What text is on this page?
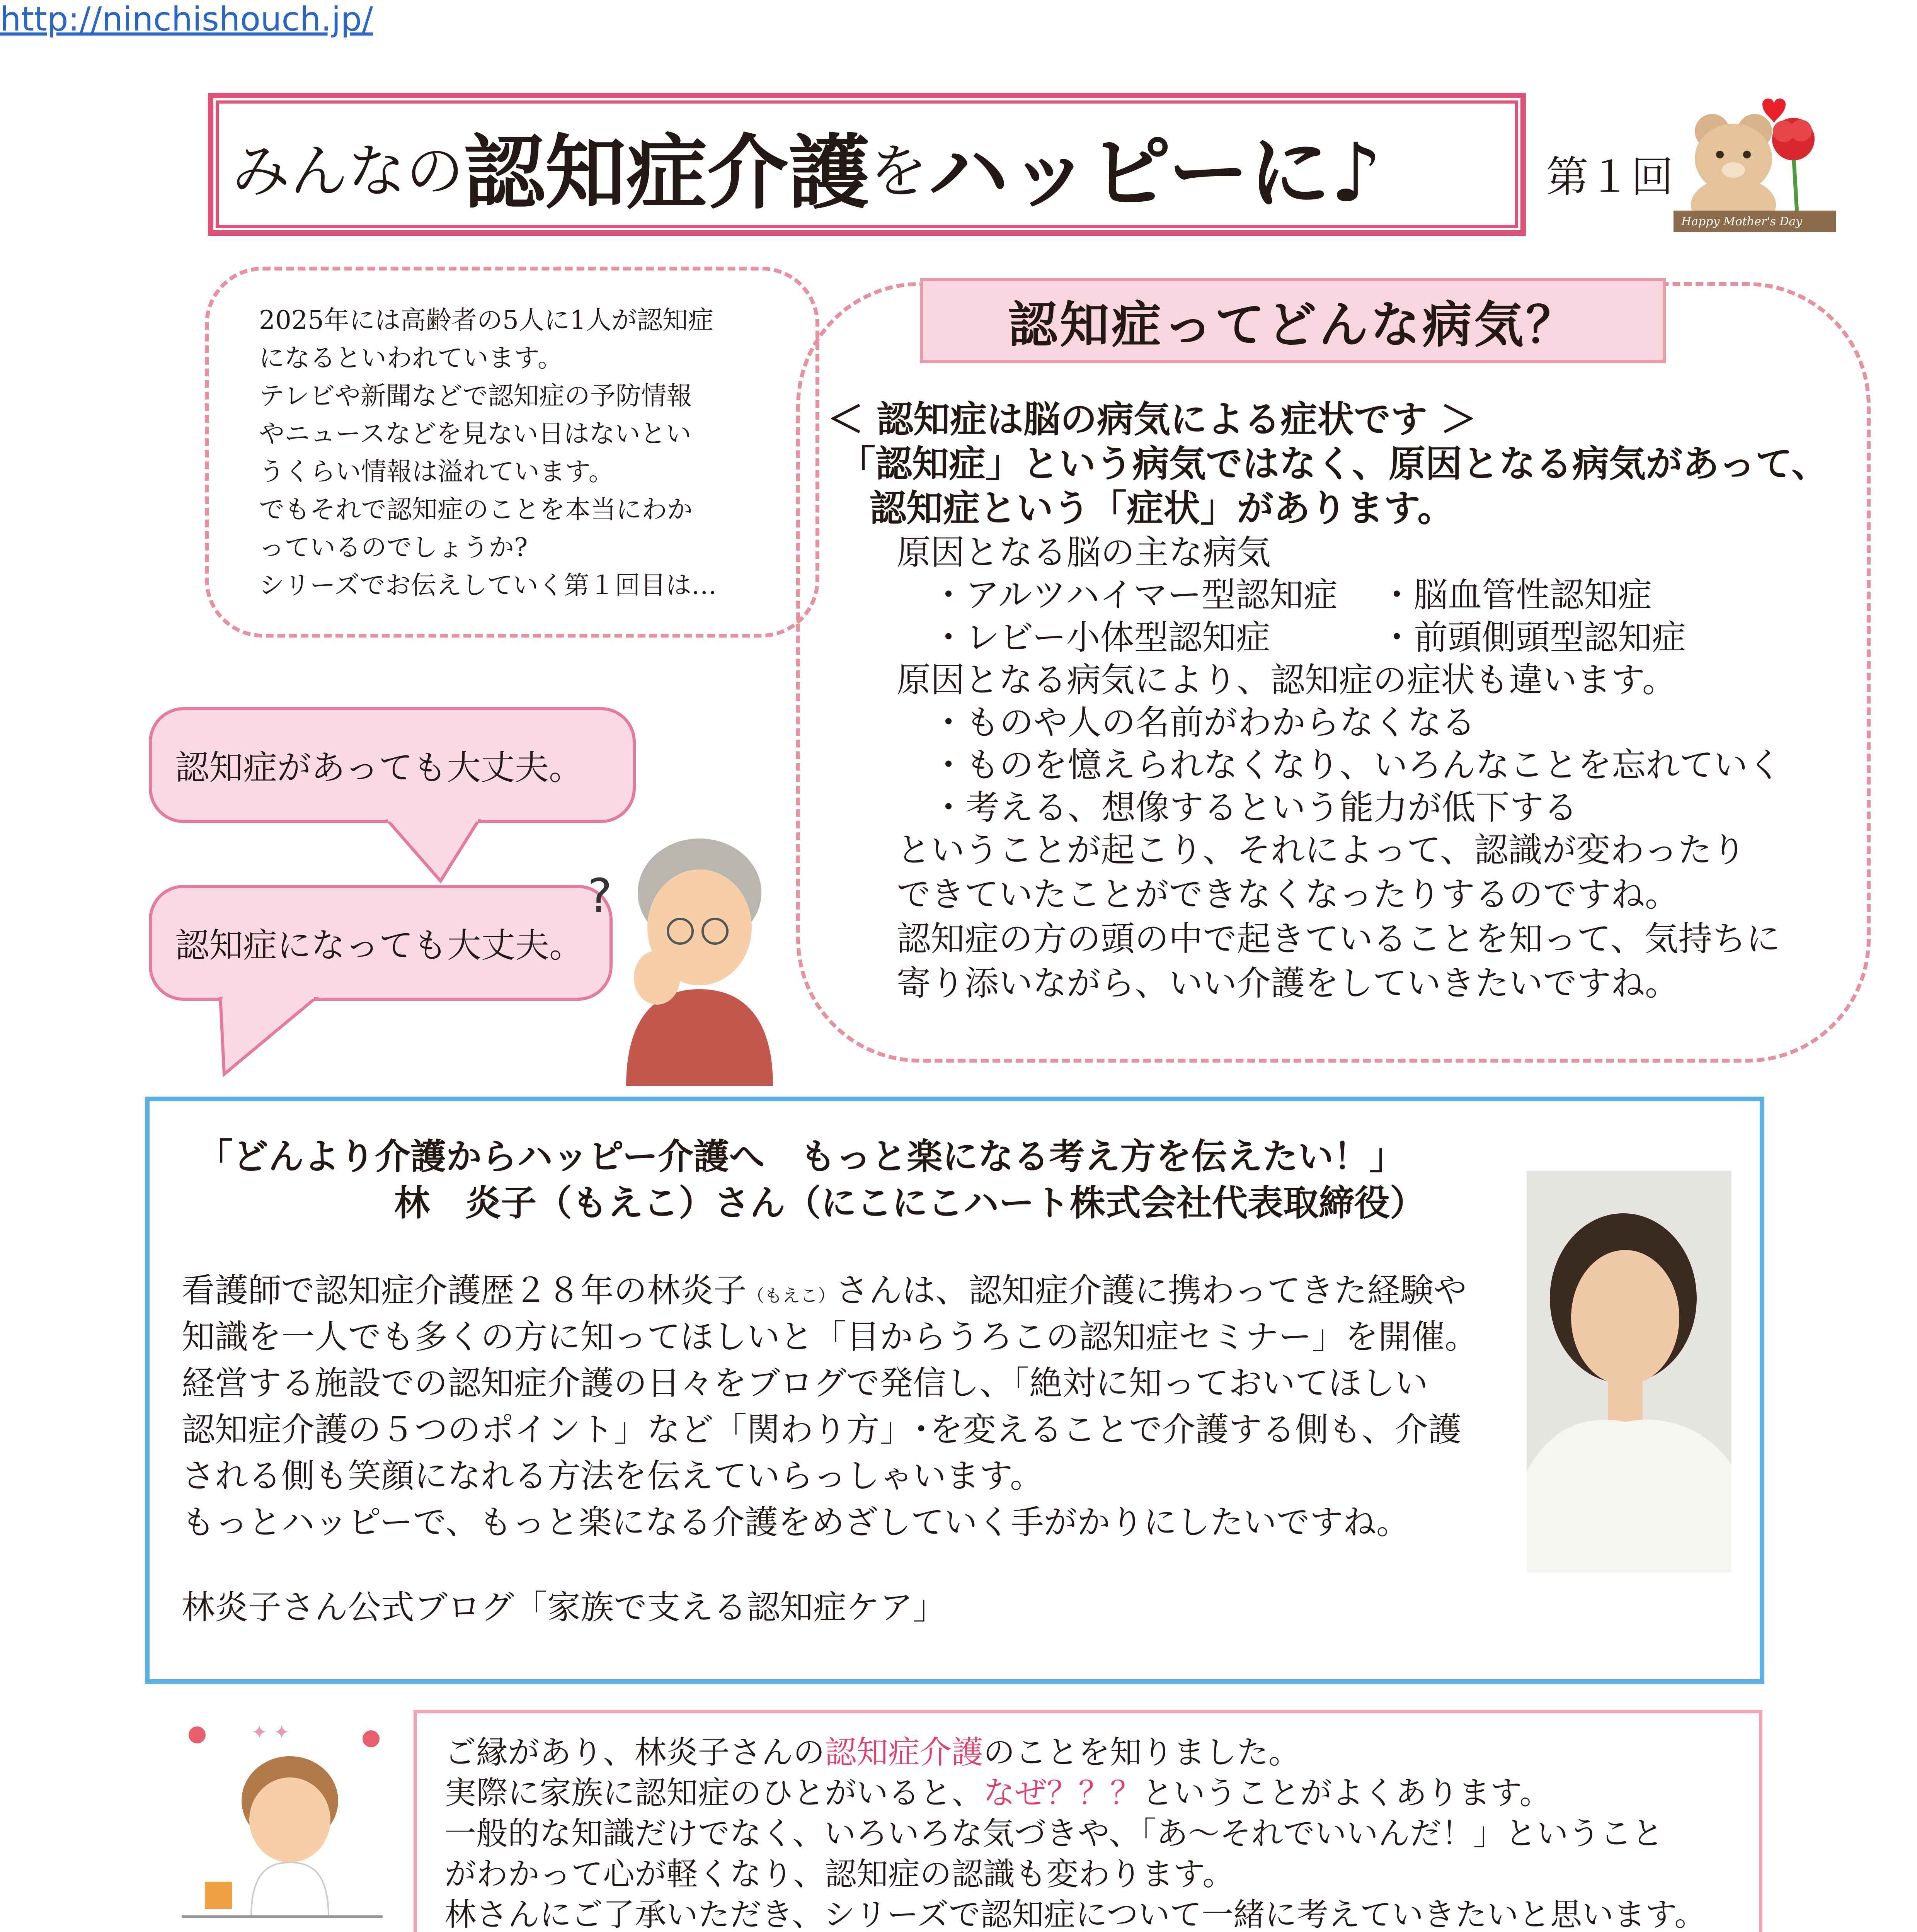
みんなの 認知症介護 を ハッピー に♪	第１回
Happy Mother's Day
2025年には高齢者の5人に1人が認知症
になるといわれています。
テレビや新聞などで認知症の予防情報
やニュースなどを見ない日はないとい
うくらい情報は溢れています。
でもそれで認知症のことを本当にわか
っているのでしょうか?
シリーズでお伝えしていく第１回目は…
認知症があっても大丈夫。
認知症になっても大丈夫。
?
認知症ってどんな病気？
＜ 認知症は脳の病気による症状です ＞
「認知症」という病気ではなく、原因となる病気があって、
認知症という「症状」があります。
原因となる脳の主な病気
・アルツハイマー型認知症 ・脳血管性認知症
・レビー小体型認知症	・前頭側頭型認知症
原因となる病気により、認知症の症状も違います。
・ものや人の名前がわからなくなる
・ものを憶えられなくなり、いろんなことを忘れていく
・考える、想像するという能力が低下する
ということが起こり、それによって、認識が変わったり
できていたことができなくなったりするのですね。
認知症の方の頭の中で起きていることを知って、気持ちに
寄り添いながら、いい介護をしていきたいですね。
「どんより介護からハッピー介護へ　もっと楽になる考え方を伝えたい！」
林　炎子（もえこ）さん（にこにこハート株式会社代表取締役）
看護師で認知症介護歴２８年の林炎子（もえこ）さんは、認知症介護に携わってきた経験や
知識を一人でも多くの方に知ってほしいと「目からうろこの認知症セミナー」を開催。
経営する施設での認知症介護の日々をブログで発信し、「絶対に知っておいてほしい
認知症介護の５つのポイント」など「関わり方」･を変えることで介護する側も、介護
される側も笑顔になれる方法を伝えていらっしゃいます。
もっとハッピーで、もっと楽になる介護をめざしていく手がかりにしたいですね。
林炎子さん公式ブログ「家族で支える認知症ケア」
http://ninchishouch.jp/
✦ ✦
ご縁があり、林炎子さんの認知症介護のことを知りました。
実際に家族に認知症のひとがいると、なぜ？？？ということがよくあります。
一般的な知識だけでなく、いろいろな気づきや、「あ～それでいいんだ！」ということ
がわかって心が軽くなり、認知症の認識も変わります。
林さんにご了承いただき、シリーズで認知症について一緒に考えていきたいと思います。
